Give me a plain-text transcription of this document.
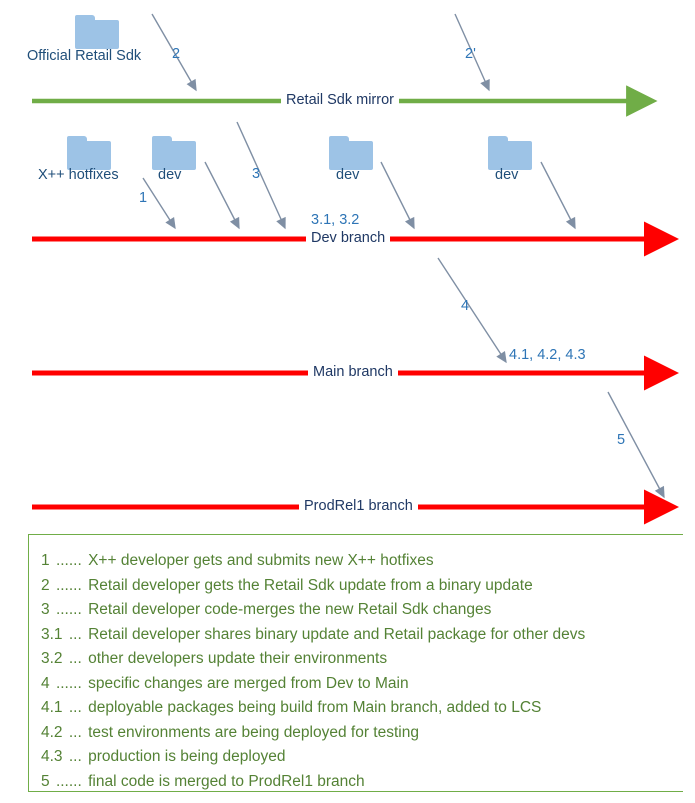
Official Retail Sdk
X++ hotfixes	dev	dev	dev
2	2'
1
3
3.1, 3.2
4
4.1, 4.2, 4.3
5
Retail Sdk mirror
Dev branch
Main branch
ProdRel1 branch
1 ...... X++ developer gets and submits new X++ hotfixes
2 ...... Retail developer gets the Retail Sdk update from a binary update
3 ...... Retail developer code-merges the new Retail Sdk changes
3.1 ... Retail developer shares binary update and Retail package for other devs
3.2 ... other developers update their environments
4 ...... specific changes are merged from Dev to Main
4.1 ... deployable packages being build from Main branch, added to LCS
4.2 ... test environments are being deployed for testing
4.3 ... production is being deployed
5 ...... final code is merged to ProdRel1 branch
